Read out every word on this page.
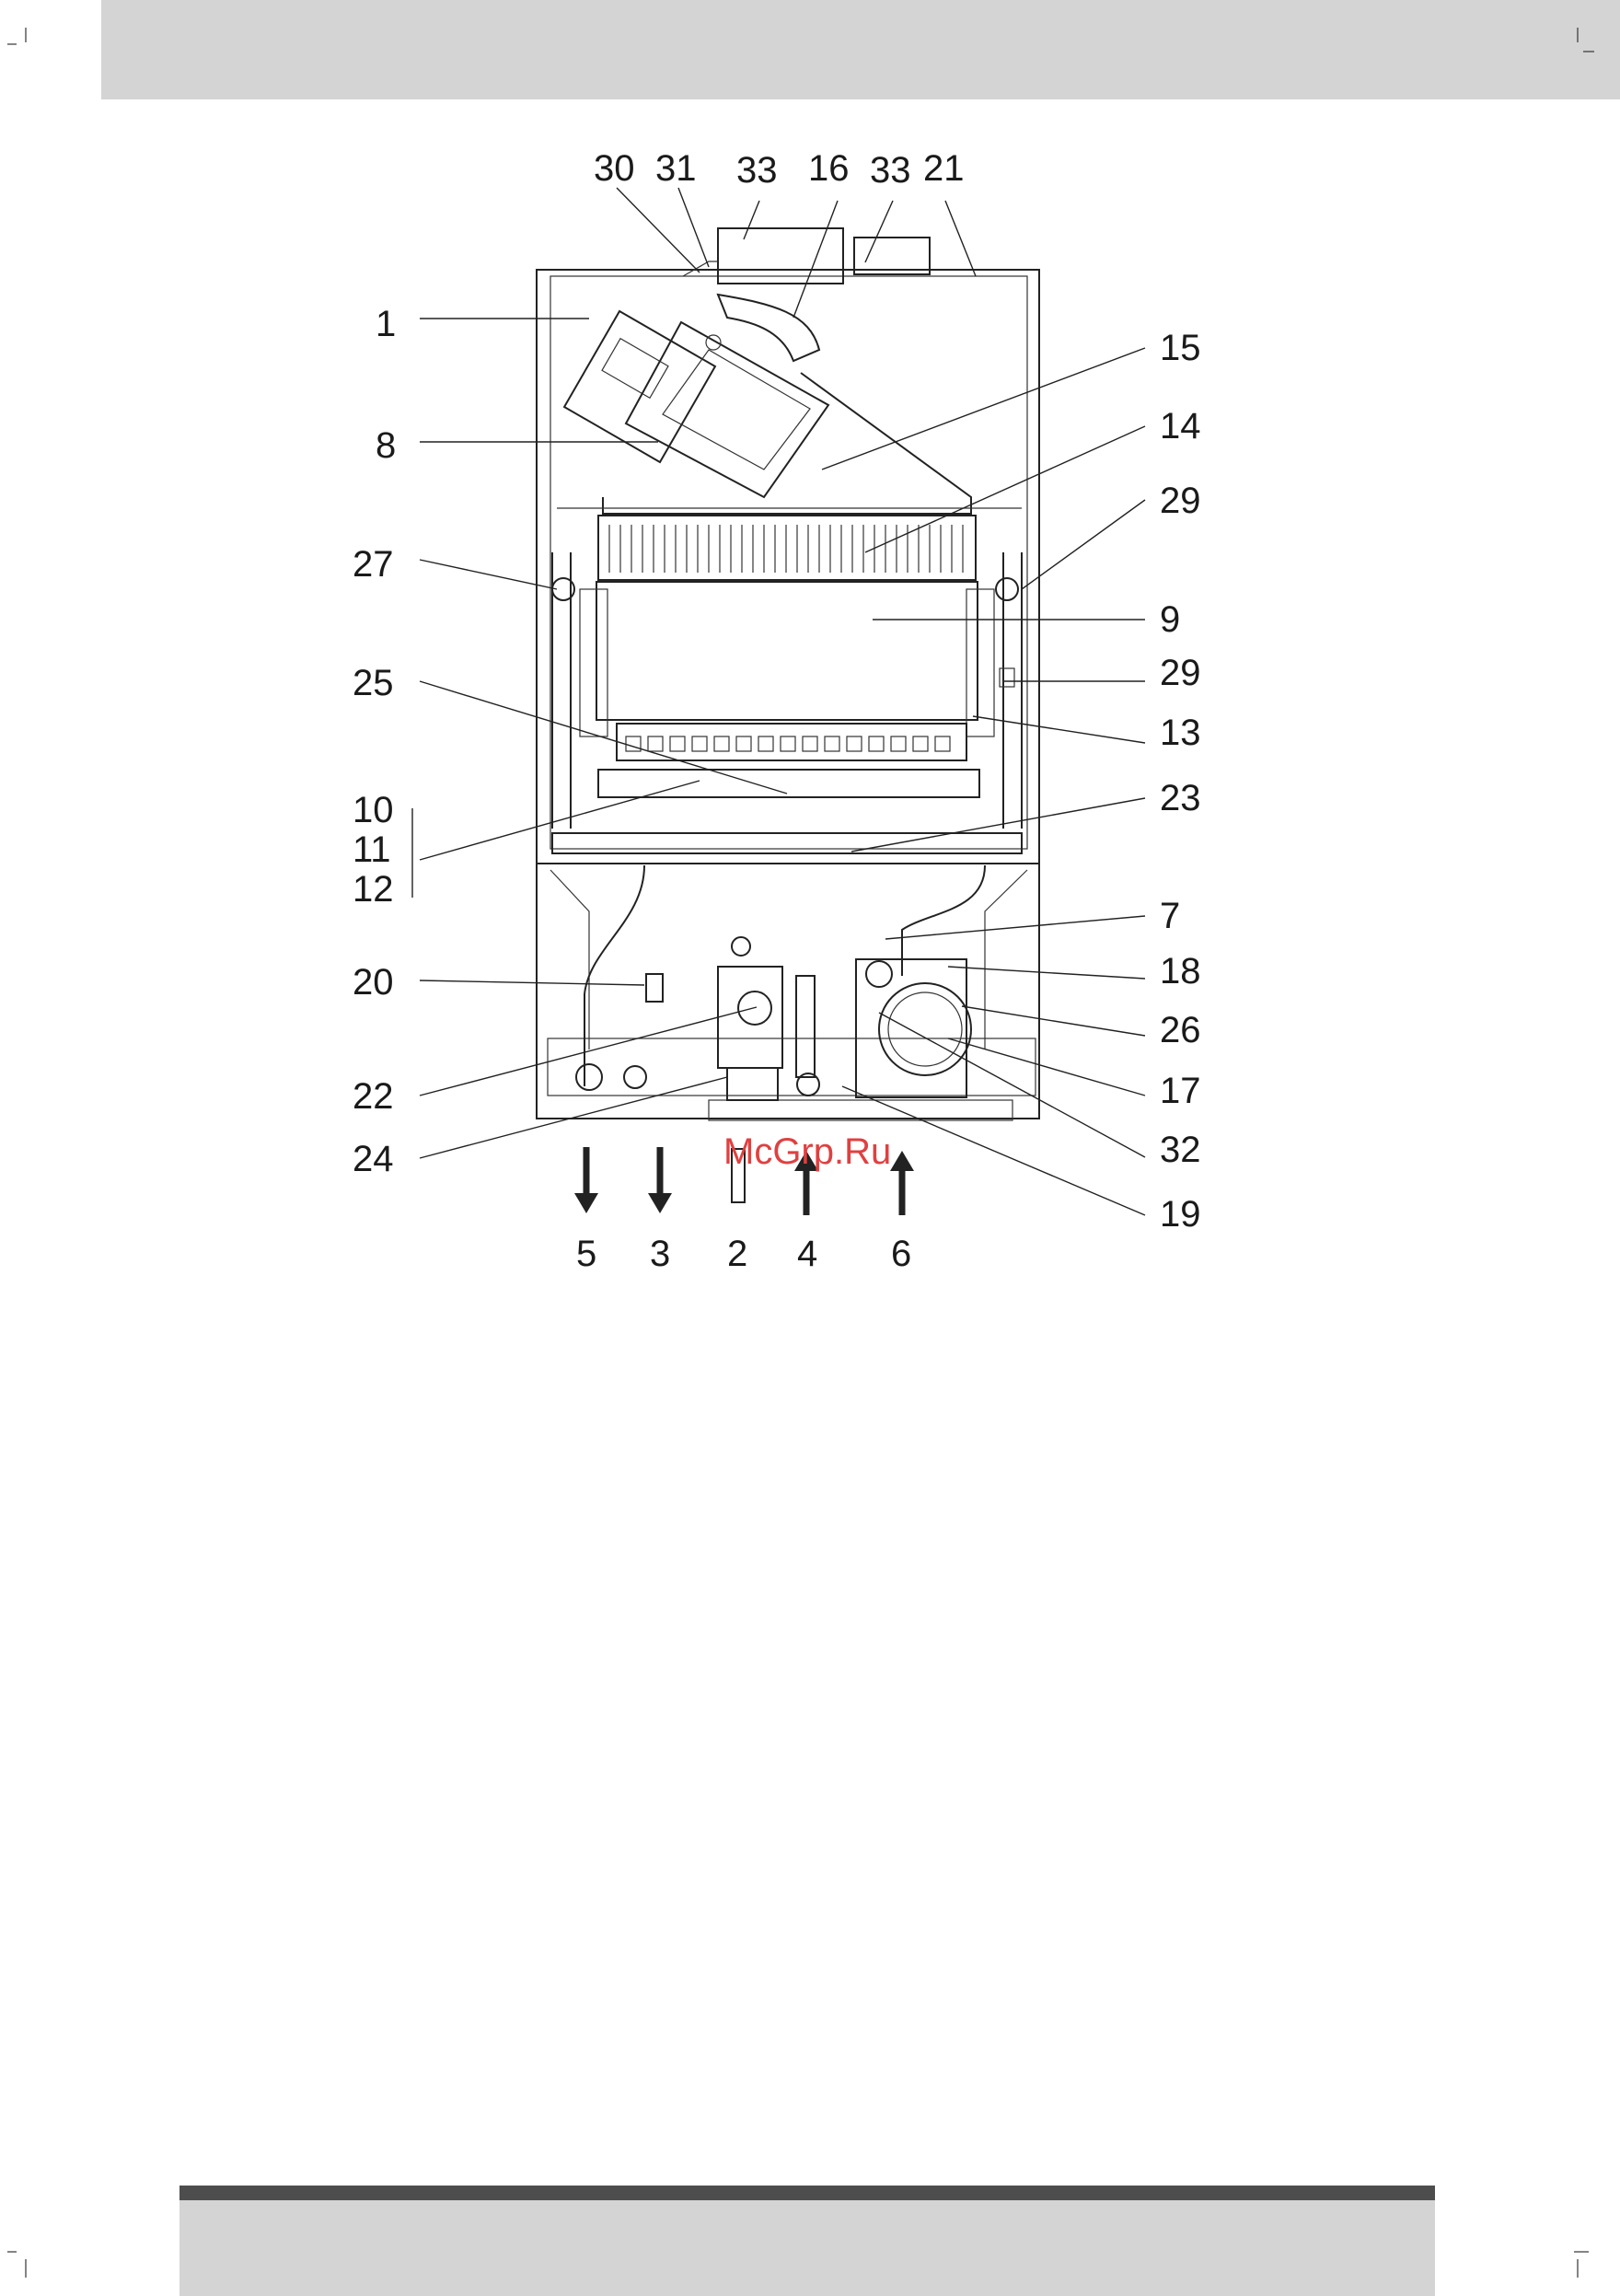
30 31 33 16 33 21
1
8
27
25
10
11
12
20
22
24
15
14
29
9
29
13
23
7
18
26
17
32
19
5 3 2 4 6
McGrp.Ru
